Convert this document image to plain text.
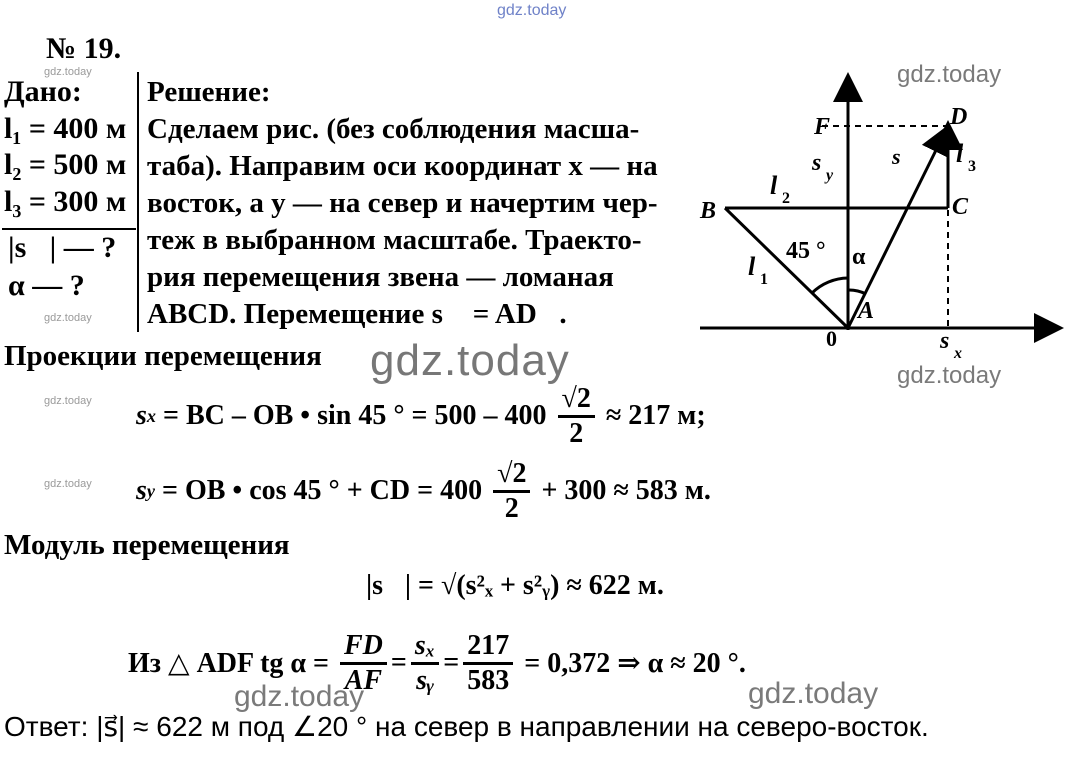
gdz.today
gdz.today
gdz.today
gdz.today
gdz.today
gdz.today
gdz.today
gdz.today
gdz.today	gdz.today
№ 19.
Дано:
l₁ = 400 м
l₂ = 500 м
l₃ = 300 м
|s⃗| — ?
α — ?
Решение:
Сделаем рис. (без соблюдения масша-
таба). Направим оси координат x — на
восток, а y — на север и начертим чер-
теж в выбранном масштабе. Траекто-
рия перемещения звена — ломаная
ABCD. Перемещение s⃗ = AD⃗.
F	D
B	C
A
0
s y
s x
l 1
l 2
l 3
s⃗
45 ° α
Проекции перемещения
s x = BC – OB • sin 45 ° = $500 - 400 \frac{√2}{2} \approx 217$ м;
s y = OB • cos 45 ° + CD = $400 \frac{√2}{2} + 300 \approx 583$ м.
Модуль перемещения
|s⃗| = √(s²ₓ + s²ᵧ) ≈ 622 м.
Из △ ADF tg $\alpha = \frac{FD}{AF} = \frac{\text{sₓ}}{\text{sᵧ}} = \frac{217}{583} = 0,372$ ⇒ α ≈ 20 °.
Ответ: |s⃗| ≈ 622 м под ∠20 ° на север в направлении на северо-восток.
